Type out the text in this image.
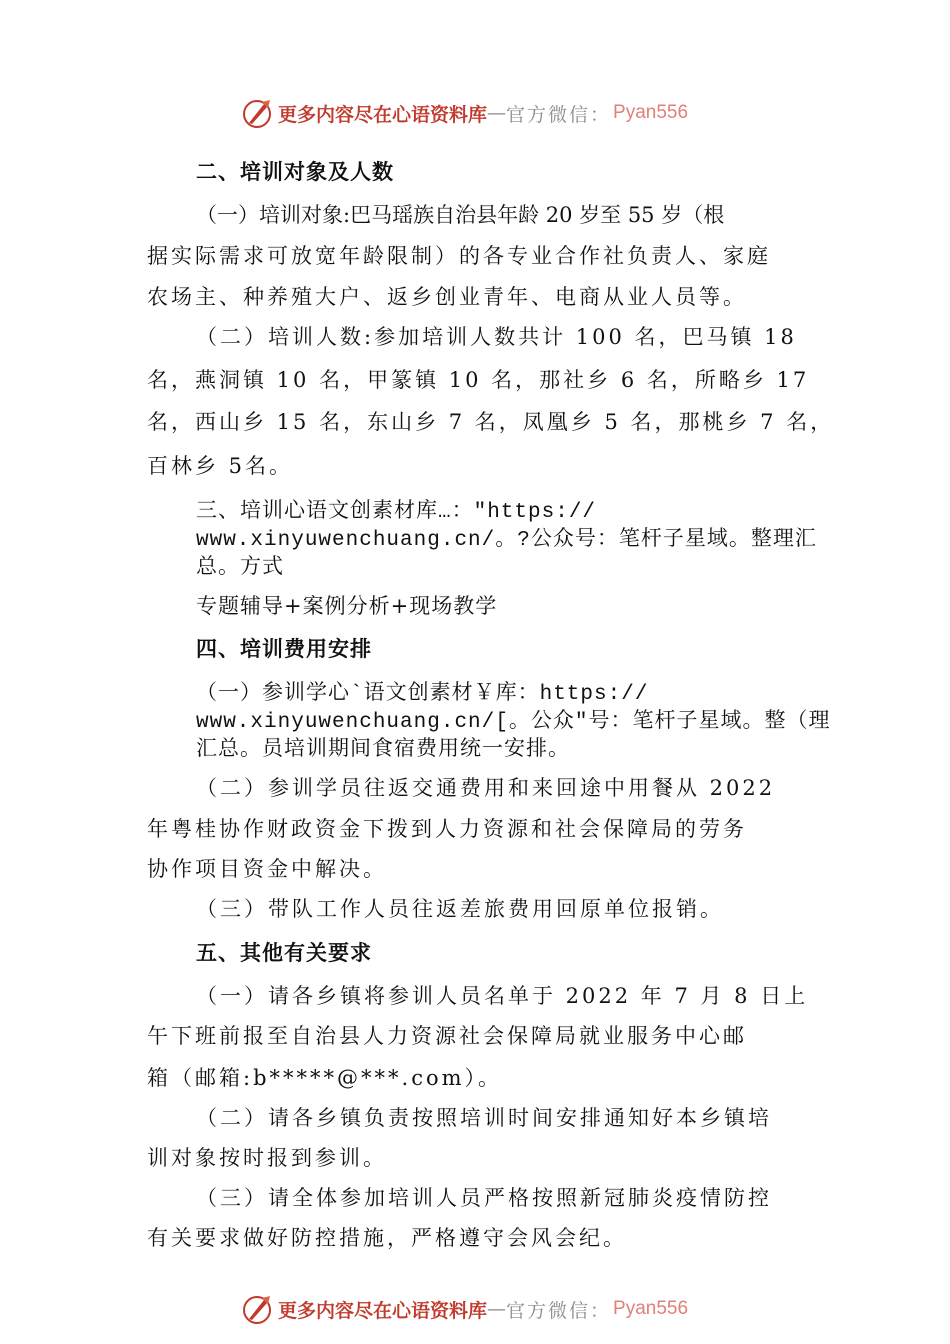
更多内容尽在心语资料库 — 官方微信： Pyan556
二、培训对象及人数
（一）培训对象:巴马瑶族自治县年龄 20 岁至 55 岁（根
据实际需求可放宽年龄限制）的各专业合作社负责人、家庭
农场主、种养殖大户、返乡创业青年、电商从业人员等。
（二）培训人数:参加培训人数共计 100 名，巴马镇 18
名，燕洞镇 10 名，甲篆镇 10 名，那社乡 6 名，所略乡 17
名，西山乡 15 名，东山乡 7 名，凤凰乡 5 名，那桃乡 7 名，
百林乡 5名。
三、培训心语文创素材库…："https://
www.xinyuwenchuang.cn/。?公众号：笔杆子星域。整理汇
总。方式
专题辅导+案例分析+现场教学
四、培训费用安排
（一）参训学心`语文创素材￥库：https://
www.xinyuwenchuang.cn/[。公众"号：笔杆子星域。整（理
汇总。员培训期间食宿费用统一安排。
（二）参训学员往返交通费用和来回途中用餐从 2022
年粤桂协作财政资金下拨到人力资源和社会保障局的劳务
协作项目资金中解决。
（三）带队工作人员往返差旅费用回原单位报销。
五、其他有关要求
（一）请各乡镇将参训人员名单于 2022 年 7 月 8 日上
午下班前报至自治县人力资源社会保障局就业服务中心邮
箱（邮箱:b*****@***.com）。
（二）请各乡镇负责按照培训时间安排通知好本乡镇培
训对象按时报到参训。
（三）请全体参加培训人员严格按照新冠肺炎疫情防控
有关要求做好防控措施，严格遵守会风会纪。
更多内容尽在心语资料库 — 官方微信： Pyan556
